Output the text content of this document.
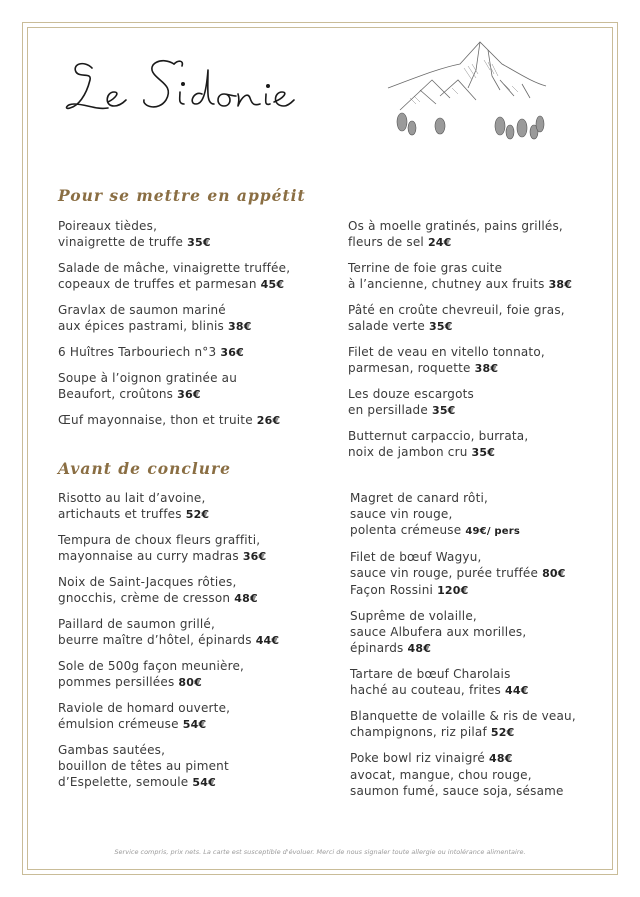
Pour se mettre en appétit

Poireaux tièdes,
vinaigrette de truffe 35€

Salade de mâche, vinaigrette truffée,
copeaux de truffes et parmesan 45€

Gravlax de saumon mariné
aux épices pastrami, blinis 38€

6 Huîtres Tarbouriech n°3 36€

Soupe à l’oignon gratinée au
Beaufort, croûtons 36€

Œuf mayonnaise, thon et truite 26€

Os à moelle gratinés, pains grillés,
fleurs de sel 24€

Terrine de foie gras cuite
à l’ancienne, chutney aux fruits 38€

Pâté en croûte chevreuil, foie gras,
salade verte 35€

Filet de veau en vitello tonnato,
parmesan, roquette 38€

Les douze escargots
en persillade 35€

Butternut carpaccio, burrata,
noix de jambon cru 35€

Avant de conclure

Risotto au lait d’avoine,
artichauts et truffes 52€

Tempura de choux fleurs graffiti,
mayonnaise au curry madras 36€

Noix de Saint-Jacques rôties,
gnocchis, crème de cresson 48€

Paillard de saumon grillé,
beurre maître d’hôtel, épinards 44€

Sole de 500g façon meunière,
pommes persillées 80€

Raviole de homard ouverte,
émulsion crémeuse 54€

Gambas sautées,
bouillon de têtes au piment
d’Espelette, semoule 54€

Magret de canard rôti,
sauce vin rouge,
polenta crémeuse 49€/ pers

Filet de bœuf Wagyu,
sauce vin rouge, purée truffée 80€
Façon Rossini 120€

Suprême de volaille,
sauce Albufera aux morilles,
épinards 48€

Tartare de bœuf Charolais
haché au couteau, frites 44€

Blanquette de volaille & ris de veau,
champignons, riz pilaf 52€

Poke bowl riz vinaigré 48€
avocat, mangue, chou rouge,
saumon fumé, sauce soja, sésame

Service compris, prix nets. La carte est susceptible d'évoluer. Merci de nous signaler toute allergie ou intolérance alimentaire.
